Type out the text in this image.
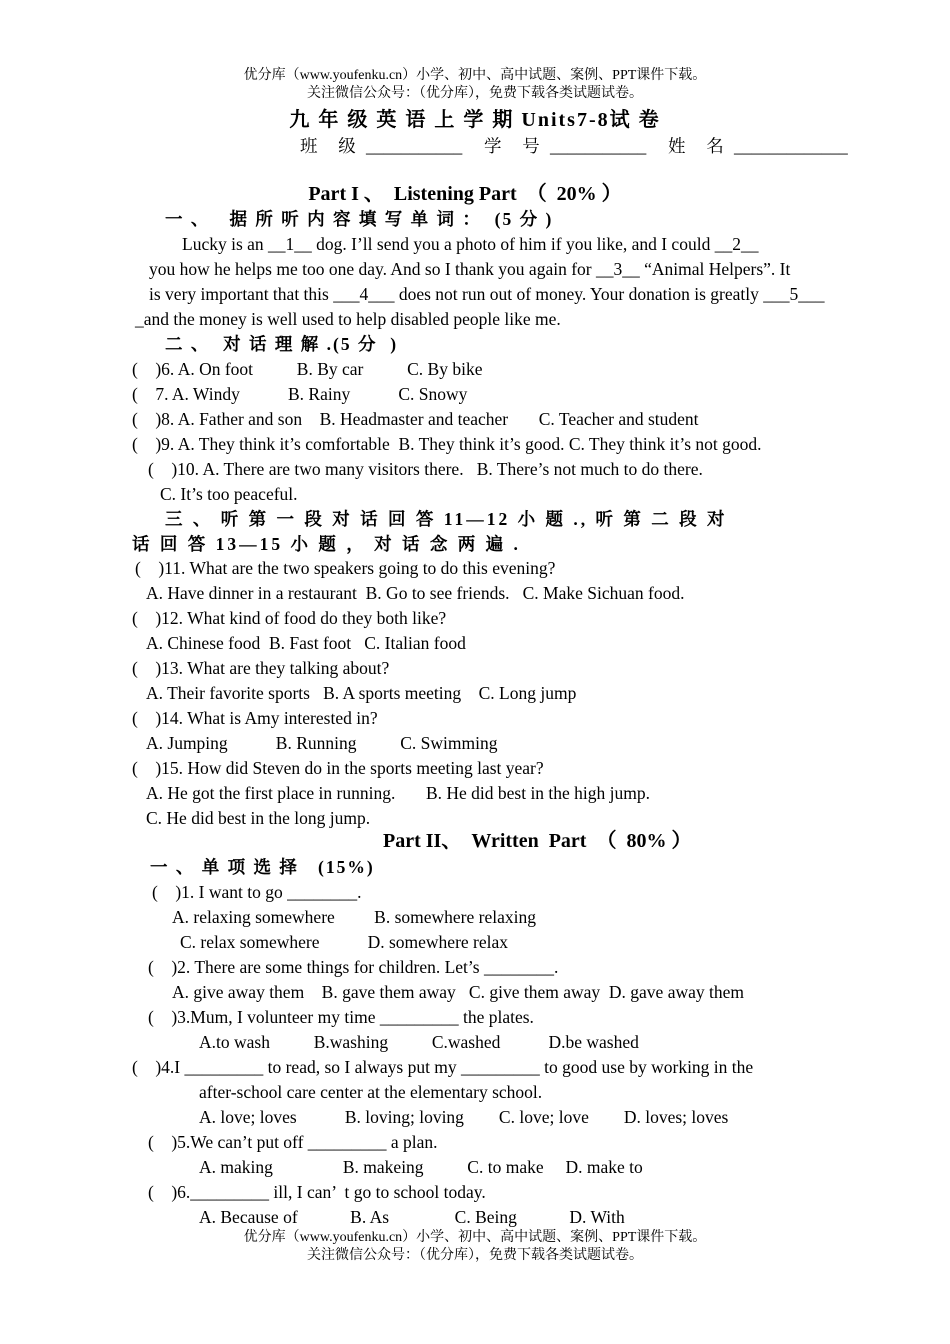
优分库（www.youfenku.cn）小学、初中、高中试题、案例、PPT课件下载。
关注微信公众号：（优分库），免费下载各类试题试卷。
九 年 级 英 语 上 学 期 Units7-8试 卷
班  级 ___________ 学  号 ___________ 姓  名 _____________
Part I 、  Listening Part  （  20% ）
一 、   据 所 听 内 容 填 写 单 词 ：  (5 分 )
Lucky is an __1__ dog. I’ll send you a photo of him if you like, and I could __2__
you how he helps me too one day. And so I thank you again for __3__ “Animal Helpers”. It
is very important that this ___4___ does not run out of money. Your donation is greatly ___5___
_and the money is well used to help disabled people like me.
二 、  对 话 理 解 .(5 分  )
(    )6. A. On foot          B. By car          C. By bike
(    7. A. Windy           B. Rainy           C. Snowy
(    )8. A. Father and son    B. Headmaster and teacher       C. Teacher and student
(    )9. A. They think it’s comfortable  B. They think it’s good. C. They think it’s not good.
(    )10. A. There are two many visitors there.   B. There’s not much to do there.
C. It’s too peaceful.
三 、 听 第 一 段 对 话 回 答 11—12 小 题 ., 听 第 二 段 对
话 回 答 13—15 小 题 ， 对 话 念 两 遍 .
(    )11. What are the two speakers going to do this evening?
A. Have dinner in a restaurant  B. Go to see friends.   C. Make Sichuan food.
(    )12. What kind of food do they both like?
A. Chinese food  B. Fast foot   C. Italian food
(    )13. What are they talking about?
A. Their favorite sports   B. A sports meeting    C. Long jump
(    )14. What is Amy interested in?
A. Jumping           B. Running          C. Swimming
(    )15. How did Steven do in the sports meeting last year?
A. He got the first place in running.       B. He did best in the high jump.
C. He did best in the long jump.
Part II、  Written  Part  （  80% ）
一 、 单 项 选 择   (15%)
(    )1. I want to go ________.
A. relaxing somewhere         B. somewhere relaxing
C. relax somewhere           D. somewhere relax
(    )2. There are some things for children. Let’s ________.
A. give away them    B. gave them away   C. give them away  D. gave away them
(    )3.Mum, I volunteer my time _________ the plates.
A.to wash          B.washing          C.washed           D.be washed
(    )4.I _________ to read, so I always put my _________ to good use by working in the
after-school care center at the elementary school.
A. love; loves           B. loving; loving        C. love; love        D. loves; loves
(    )5.We can’t put off _________ a plan.
A. making                B. makeing          C. to make     D. make to
(    )6._________ ill, I can’  t go to school today.
A. Because of            B. As               C. Being            D. With
优分库（www.youfenku.cn）小学、初中、高中试题、案例、PPT课件下载。
关注微信公众号：（优分库），免费下载各类试题试卷。
